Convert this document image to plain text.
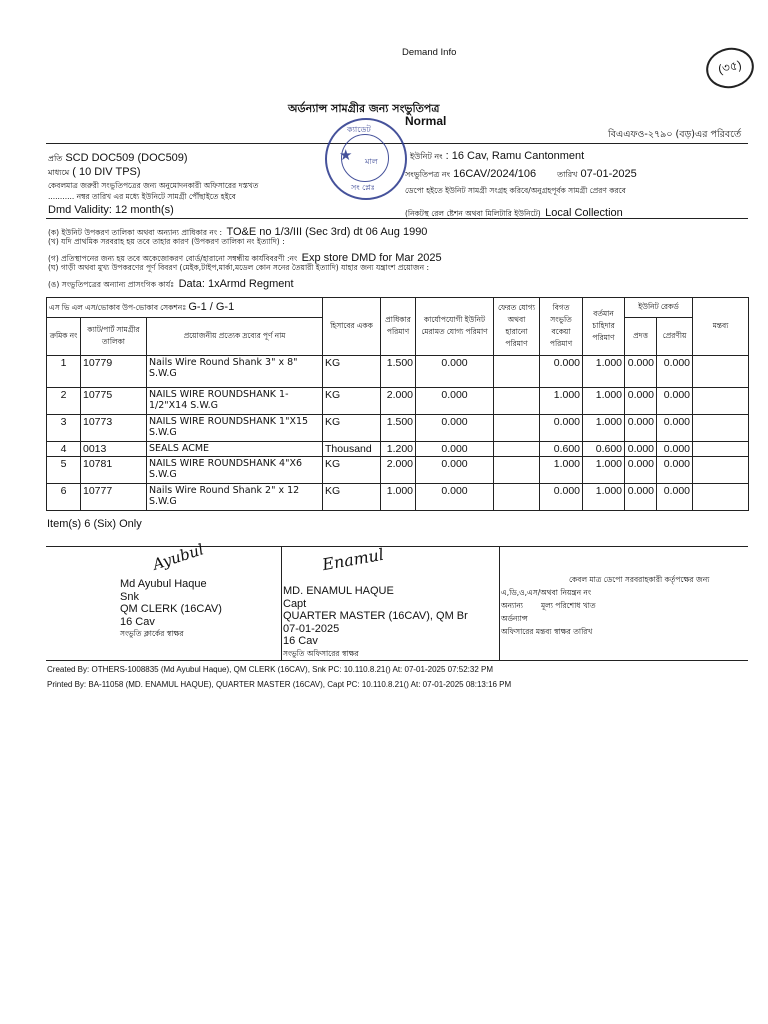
Demand Info
(৩৫)
অর্ডন্যান্স সামগ্রীর জন্য সংভুতিপত্র
Normal
বিএএফও-২৭৯০ (বড়)এর পরিবর্তে
★
ক্যাডেট
মাল
সং প্লেঃ
প্রতি SCD DOC509 (DOC509)
মাধ্যমে ( 10 DIV TPS)
কেবলমাত্র জরুরী সংভুতিপত্রের জন্য অনুমোদনকারী অফিসারের দস্তখত
........... নম্বর তারিখ এর মধ্যে ইউনিটে সামগ্রী পৌঁছাইতে হইবে
Dmd Validity: 12 month(s)
ইউনিট নং : 16 Cav, Ramu Cantonment
সংভুতিপত্র নং 16CAV/2024/106	তারিখ 07-01-2025
ডেপো হইতে ইউনিট সামগ্রী সংগ্রহ করিবে/অনুগ্রহপূর্বক সামগ্রী প্রেরণ করবে
(নিকটস্থ রেল ষ্টেশন অথবা মিলিটারি ইউনিটে) Local Collection
(ক) ইউনিট উপকরণ তালিকা অথবা অন্যান্য প্রাধিকার নং : TO&E no 1/3/III (Sec 3rd) dt 06 Aug 1990
(খ) যদি প্রাথমিক সরবরাহ হয় তবে তাহার কারণ (উপকরণ তালিকা নং ইত্যাদি) :
(গ) প্রতিস্থাপনের জন্য হয় তবে অকেজোকরণ বোর্ড/হারানো সম্বন্ধীয় কার্যবিবরণী :নং Exp store DMD for Mar 2025
(ঘ) গাড়ী অথবা মুখ্য উপকরণের পূর্ণ বিবরণ (মেইক,টাইপ,মার্কা,মডেল কোন সনের তৈয়ারী ইত্যাদি) যাহার জন্য যন্ত্রাংশ প্রয়োজন :
(ঙ) সংভুতিপত্রের অন্যান্য প্রাসংগিক কার্যঃ Data: 1xArmd Regment
এস ভি এল এস/ভোকাব উপ-ভোকাব সেকশনঃ G-1 / G-1			হিসাবের একক	প্রাধিকার পরিমাণ	কার্যোপযোগী ইউনিট মেরামত যোগ্য পরিমাণ	ফেরত যোগ্য অথবা হারানো পরিমাণ	বিগত সংভুতি বকেয়া পরিমাণ	বর্তমান চাহিদার পরিমাণ	ইউনিট রেকর্ড		মন্তব্য
ক্রমিক নং	ক্যাট/পার্ট সামগ্রীর তালিকা	প্রয়োজনীয় প্রত্যেক দ্রব্যের পূর্ণ নাম							প্রদত্ত	প্রেরণীয়	
1	10779	Nails Wire Round Shank 3" x 8" S.W.G	KG	1.500	0.000		0.000	1.000	0.000	0.000	
2	10775	NAILS WIRE ROUNDSHANK 1-1/2"X14 S.W.G	KG	2.000	0.000		1.000	1.000	0.000	0.000	
3	10773	NAILS WIRE ROUNDSHANK 1"X15 S.W.G	KG	1.500	0.000		0.000	1.000	0.000	0.000	
4	0013	SEALS ACME	Thousand	1.200	0.000		0.600	0.600	0.000	0.000	
5	10781	NAILS WIRE ROUNDSHANK 4"X6 S.W.G	KG	2.000	0.000		1.000	1.000	0.000	0.000	
6	10777	Nails Wire Round Shank 2" x 12 S.W.G	KG	1.000	0.000		0.000	1.000	0.000	0.000	
Item(s) 6 (Six) Only
Ayubul
Md Ayubul Haque
Snk
QM CLERK (16CAV)
16 Cav
সংভুতি ক্লার্কের স্বাক্ষর
Enamul
MD. ENAMUL HAQUE
Capt
QUARTER MASTER (16CAV), QM Br
07-01-2025
16 Cav
সংভুতি অফিসারের স্বাক্ষর
কেবল মাত্র ডেপো সরবরাহকারী কর্তৃপক্ষের জন্য
এ,ডি,ও,এস/অথবা নিয়ন্ত্রন নং
অন্যান্য মূল্য পরিশোধ খাত
অর্ডন্যান্স
অফিসারের মন্তব্য স্বাক্ষর তারিখ
Created By: OTHERS-1008835 (Md Ayubul Haque), QM CLERK (16CAV), Snk PC: 10.110.8.21() At: 07-01-2025 07:52:32 PM
Printed By: BA-11058 (MD. ENAMUL HAQUE), QUARTER MASTER (16CAV), Capt PC: 10.110.8.21() At: 07-01-2025 08:13:16 PM
